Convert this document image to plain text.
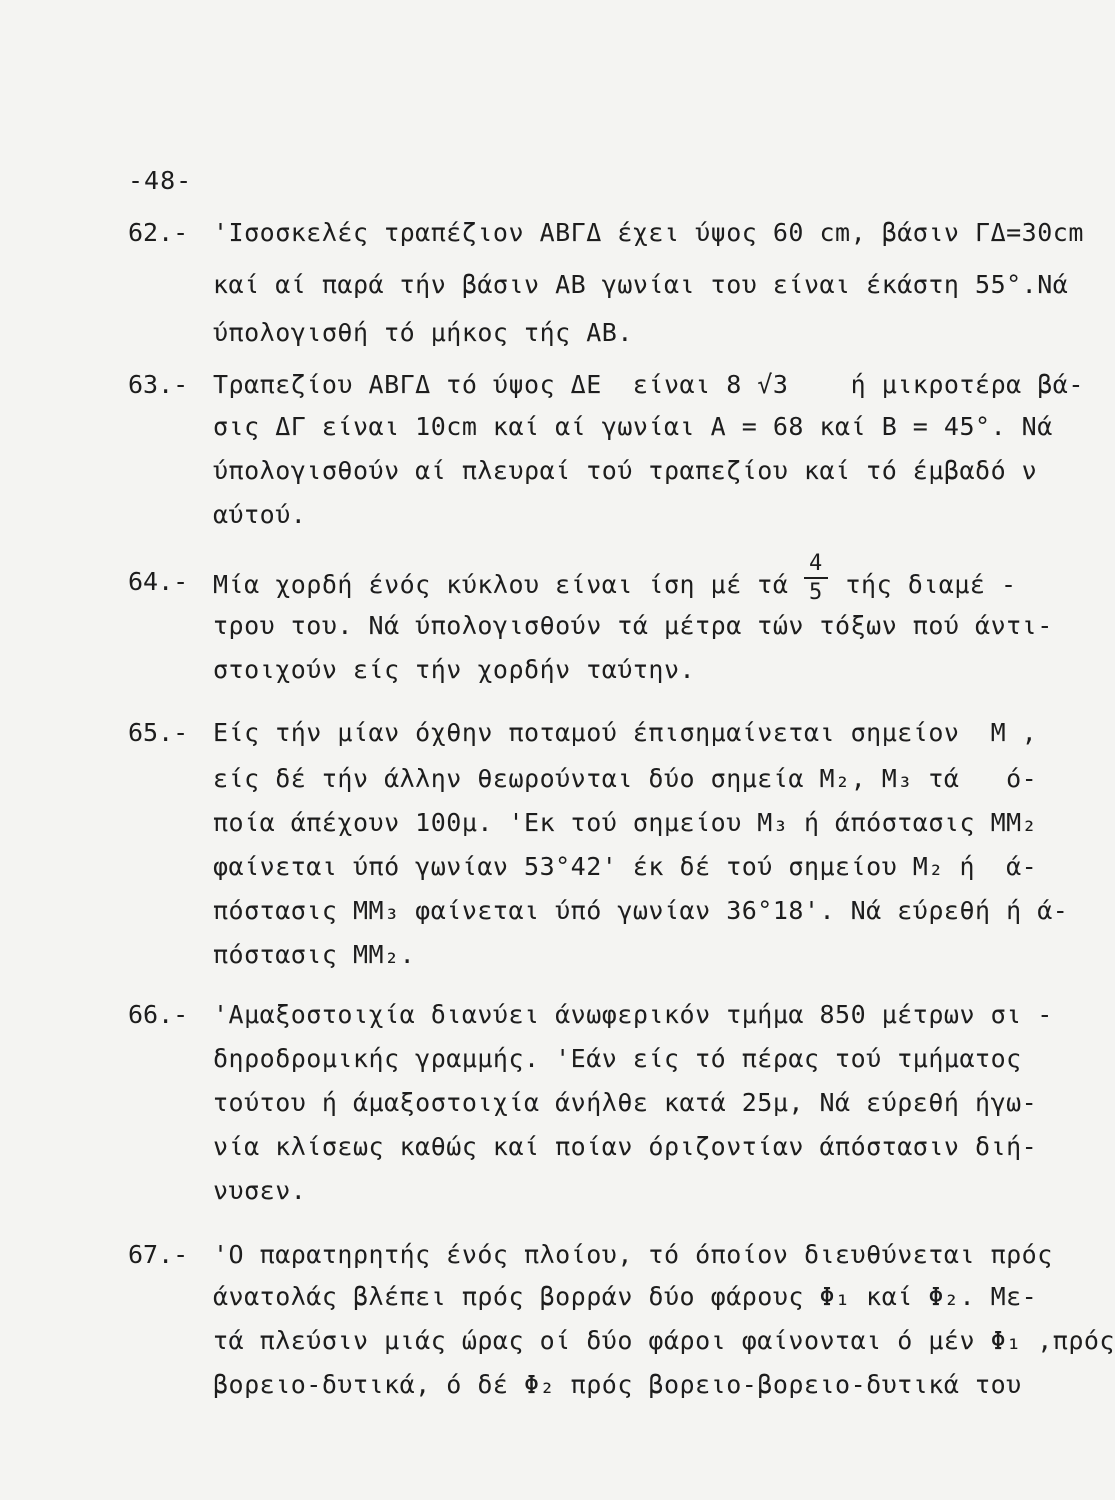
-48-
62.- 'Ισοσκελές τραπέζιον ΑΒΓΔ έχει ύψος 60 cm, βάσιν ΓΔ=30cm
καί αί παρά τήν βάσιν ΑΒ γωνίαι του είναι έκάστη 55°.Νά
ύπολογισθή τό μήκος τής ΑΒ.
63.- Τραπεζίου ΑΒΓΔ τό ύψος ΔΕ  είναι 8 √3    ή μικροτέρα βά-
σις ΔΓ είναι 10cm καί αί γωνίαι Α = 68 καί Β = 45°. Νά
ύπολογισθούν αί πλευραί τού τραπεζίου καί τό έμβαδό ν
αύτού.
64.- Μία χορδή ένός κύκλου είναι ίση μέ τά $\frac{4}{5}$ τής διαμέ -
τρου του. Νά ύπολογισθούν τά μέτρα τών τόξων πού άντι-
στοιχούν είς τήν χορδήν ταύτην.
65.- Είς τήν μίαν όχθην ποταμού έπισημαίνεται σημείον  Μ ,
είς δέ τήν άλλην θεωρούνται δύο σημεία Μ₂, Μ₃ τά   ό-
ποία άπέχουν 100μ. 'Εκ τού σημείου Μ₃ ή άπόστασις ΜΜ₂
φαίνεται ύπό γωνίαν 53°42' έκ δέ τού σημείου Μ₂ ή  ά-
πόστασις ΜΜ₃ φαίνεται ύπό γωνίαν 36°18'. Νά εύρεθή ή ά-
πόστασις ΜΜ₂.
66.- 'Αμαξοστοιχία διανύει άνωφερικόν τμήμα 850 μέτρων σι -
δηροδρομικής γραμμής. 'Εάν είς τό πέρας τού τμήματος
τούτου ή άμαξοστοιχία άνήλθε κατά 25μ, Νά εύρεθή ήγω-
νία κλίσεως καθώς καί ποίαν όριζοντίαν άπόστασιν διή-
νυσεν.
67.- 'Ο παρατηρητής ένός πλοίου, τό όποίον διευθύνεται πρός
άνατολάς βλέπει πρός βορράν δύο φάρους Φ₁ καί Φ₂. Με-
τά πλεύσιν μιάς ώρας οί δύο φάροι φαίνονται ό μέν Φ₁ ,πρός
βορειο-δυτικά, ό δέ Φ₂ πρός βορειο-βορειο-δυτικά του
